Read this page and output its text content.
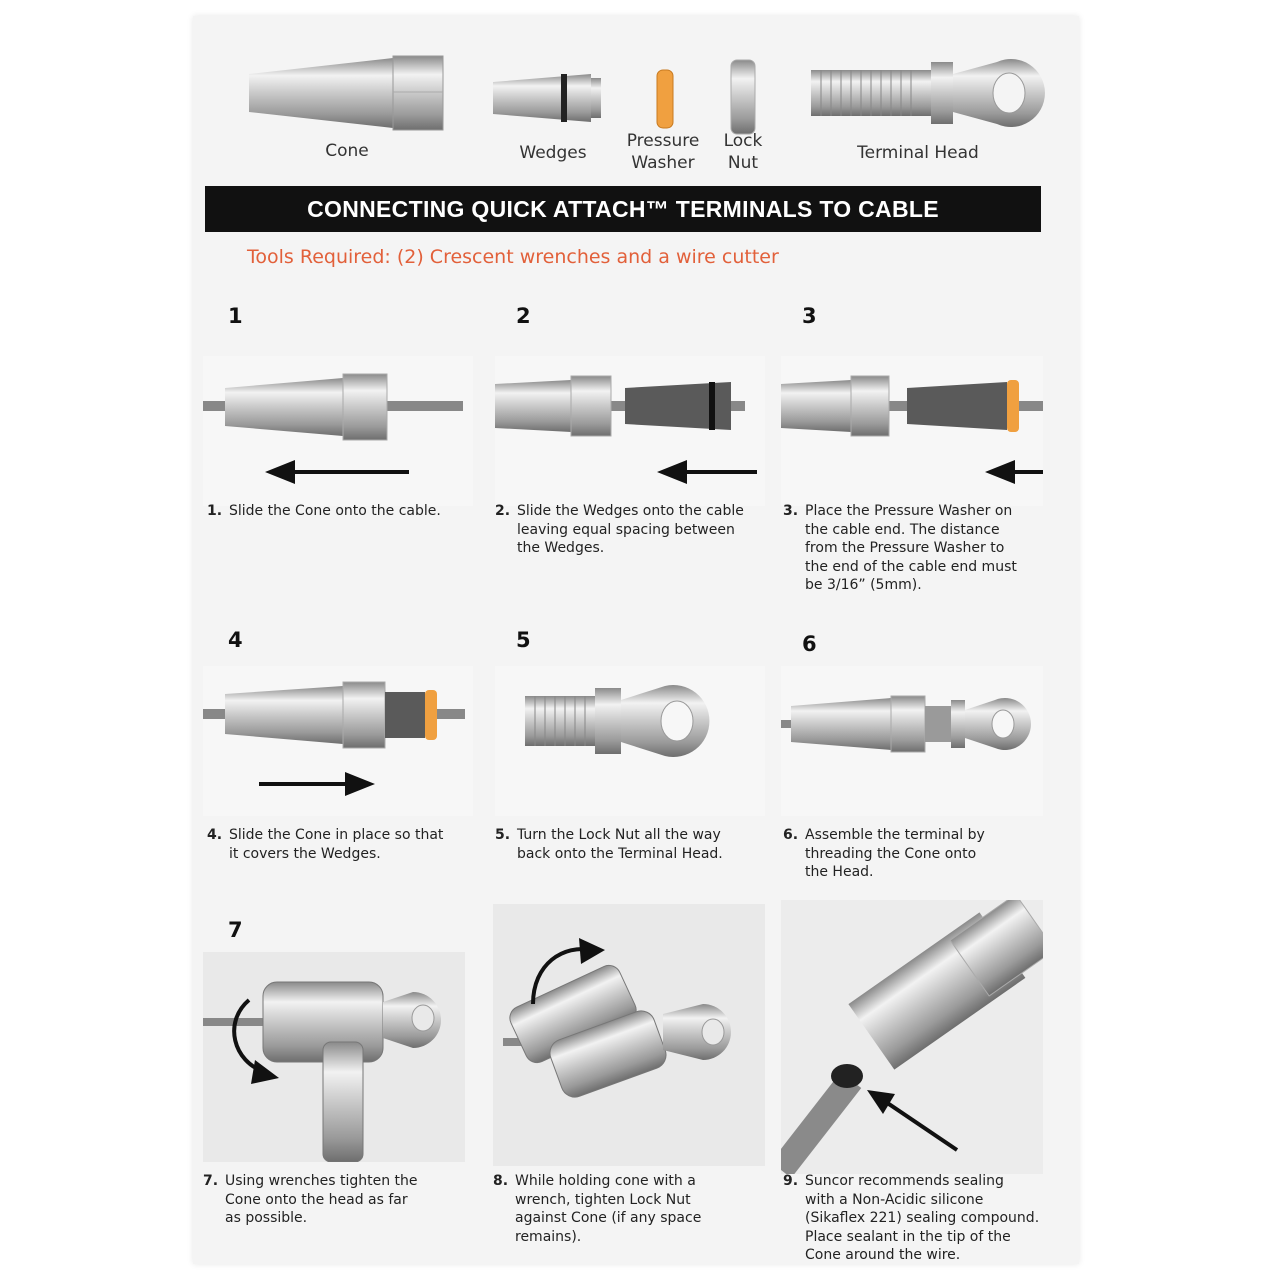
Cone	Wedges
Pressure
Washer
Lock
Nut	Terminal Head
CONNECTING QUICK ATTACH™ TERMINALS TO CABLE
Tools Required: (2) Crescent wrenches and a wire cutter
1
1. Slide the Cone onto the cable.
2
2. Slide the Wedges onto the cable
leaving equal spacing between
the Wedges.
3
3. Place the Pressure Washer on
the cable end. The distance
from the Pressure Washer to
the end of the cable end must
be 3/16” (5mm).
4
4. Slide the Cone in place so that
it covers the Wedges.
5
5. Turn the Lock Nut all the way
back onto the Terminal Head.
6
6. Assemble the terminal by
threading the Cone onto
the Head.
7
7. Using wrenches tighten the
Cone onto the head as far
as possible.
8. While holding cone with a
wrench, tighten Lock Nut
against Cone (if any space
remains).
9. Suncor recommends sealing
with a Non-Acidic silicone
(Sikaflex 221) sealing compound.
Place sealant in the tip of the
Cone around the wire.
